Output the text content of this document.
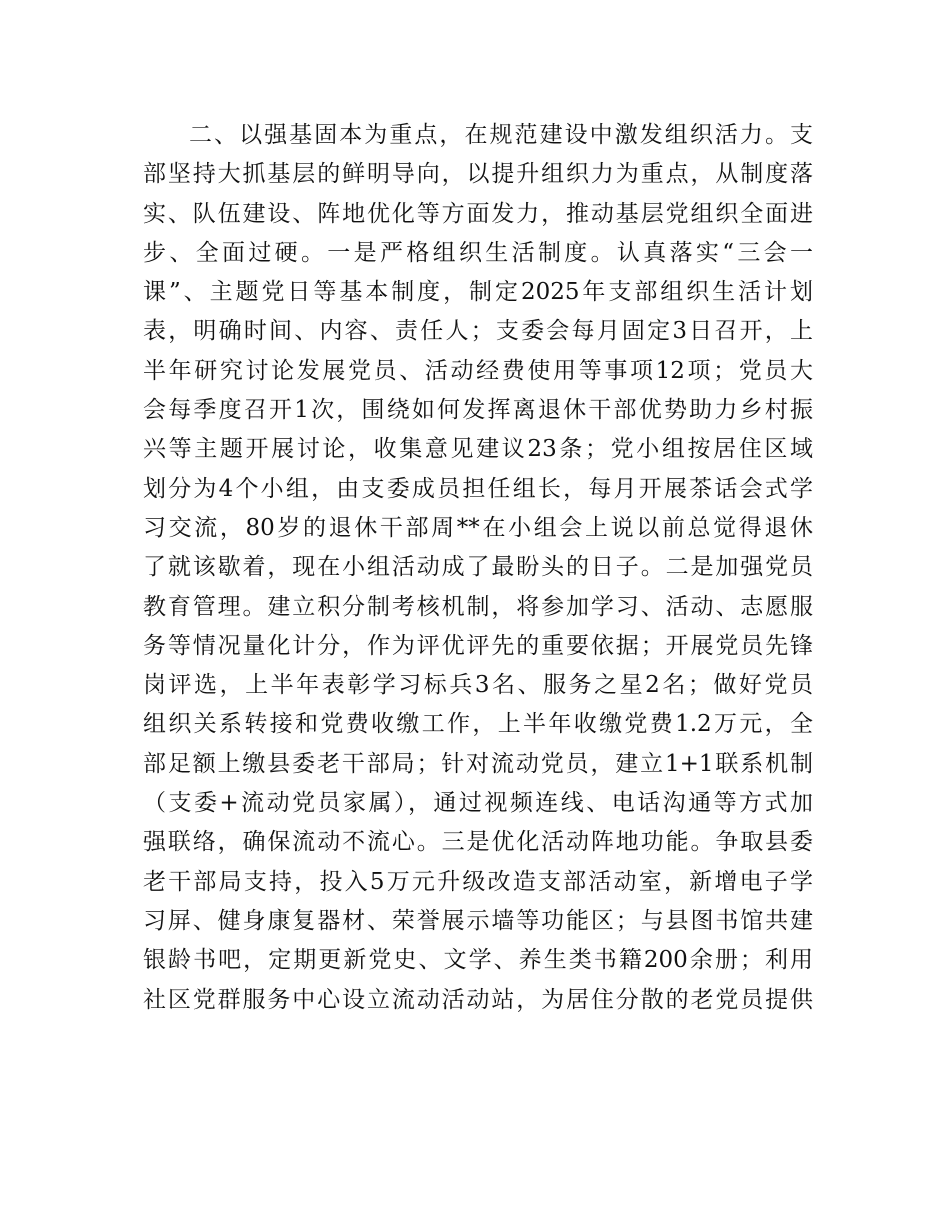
二、以强基固本为重点，在规范建设中激发组织活力。支
部坚持大抓基层的鲜明导向，以提升组织力为重点，从制度落
实、队伍建设、阵地优化等方面发力，推动基层党组织全面进
步、全面过硬。一是严格组织生活制度。认真落实“三会一
课”、主题党日等基本制度，制定2025年支部组织生活计划
表，明确时间、内容、责任人；支委会每月固定3日召开，上
半年研究讨论发展党员、活动经费使用等事项12项；党员大
会每季度召开1次，围绕如何发挥离退休干部优势助力乡村振
兴等主题开展讨论，收集意见建议23条；党小组按居住区域
划分为4个小组，由支委成员担任组长，每月开展茶话会式学
习交流，80岁的退休干部周**在小组会上说以前总觉得退休
了就该歇着，现在小组活动成了最盼头的日子。二是加强党员
教育管理。建立积分制考核机制，将参加学习、活动、志愿服
务等情况量化计分，作为评优评先的重要依据；开展党员先锋
岗评选，上半年表彰学习标兵3名、服务之星2名；做好党员
组织关系转接和党费收缴工作，上半年收缴党费1.2万元，全
部足额上缴县委老干部局；针对流动党员，建立1+1联系机制
（支委+流动党员家属），通过视频连线、电话沟通等方式加
强联络，确保流动不流心。三是优化活动阵地功能。争取县委
老干部局支持，投入5万元升级改造支部活动室，新增电子学
习屏、健身康复器材、荣誉展示墙等功能区；与县图书馆共建
银龄书吧，定期更新党史、文学、养生类书籍200余册；利用
社区党群服务中心设立流动活动站，为居住分散的老党员提供
